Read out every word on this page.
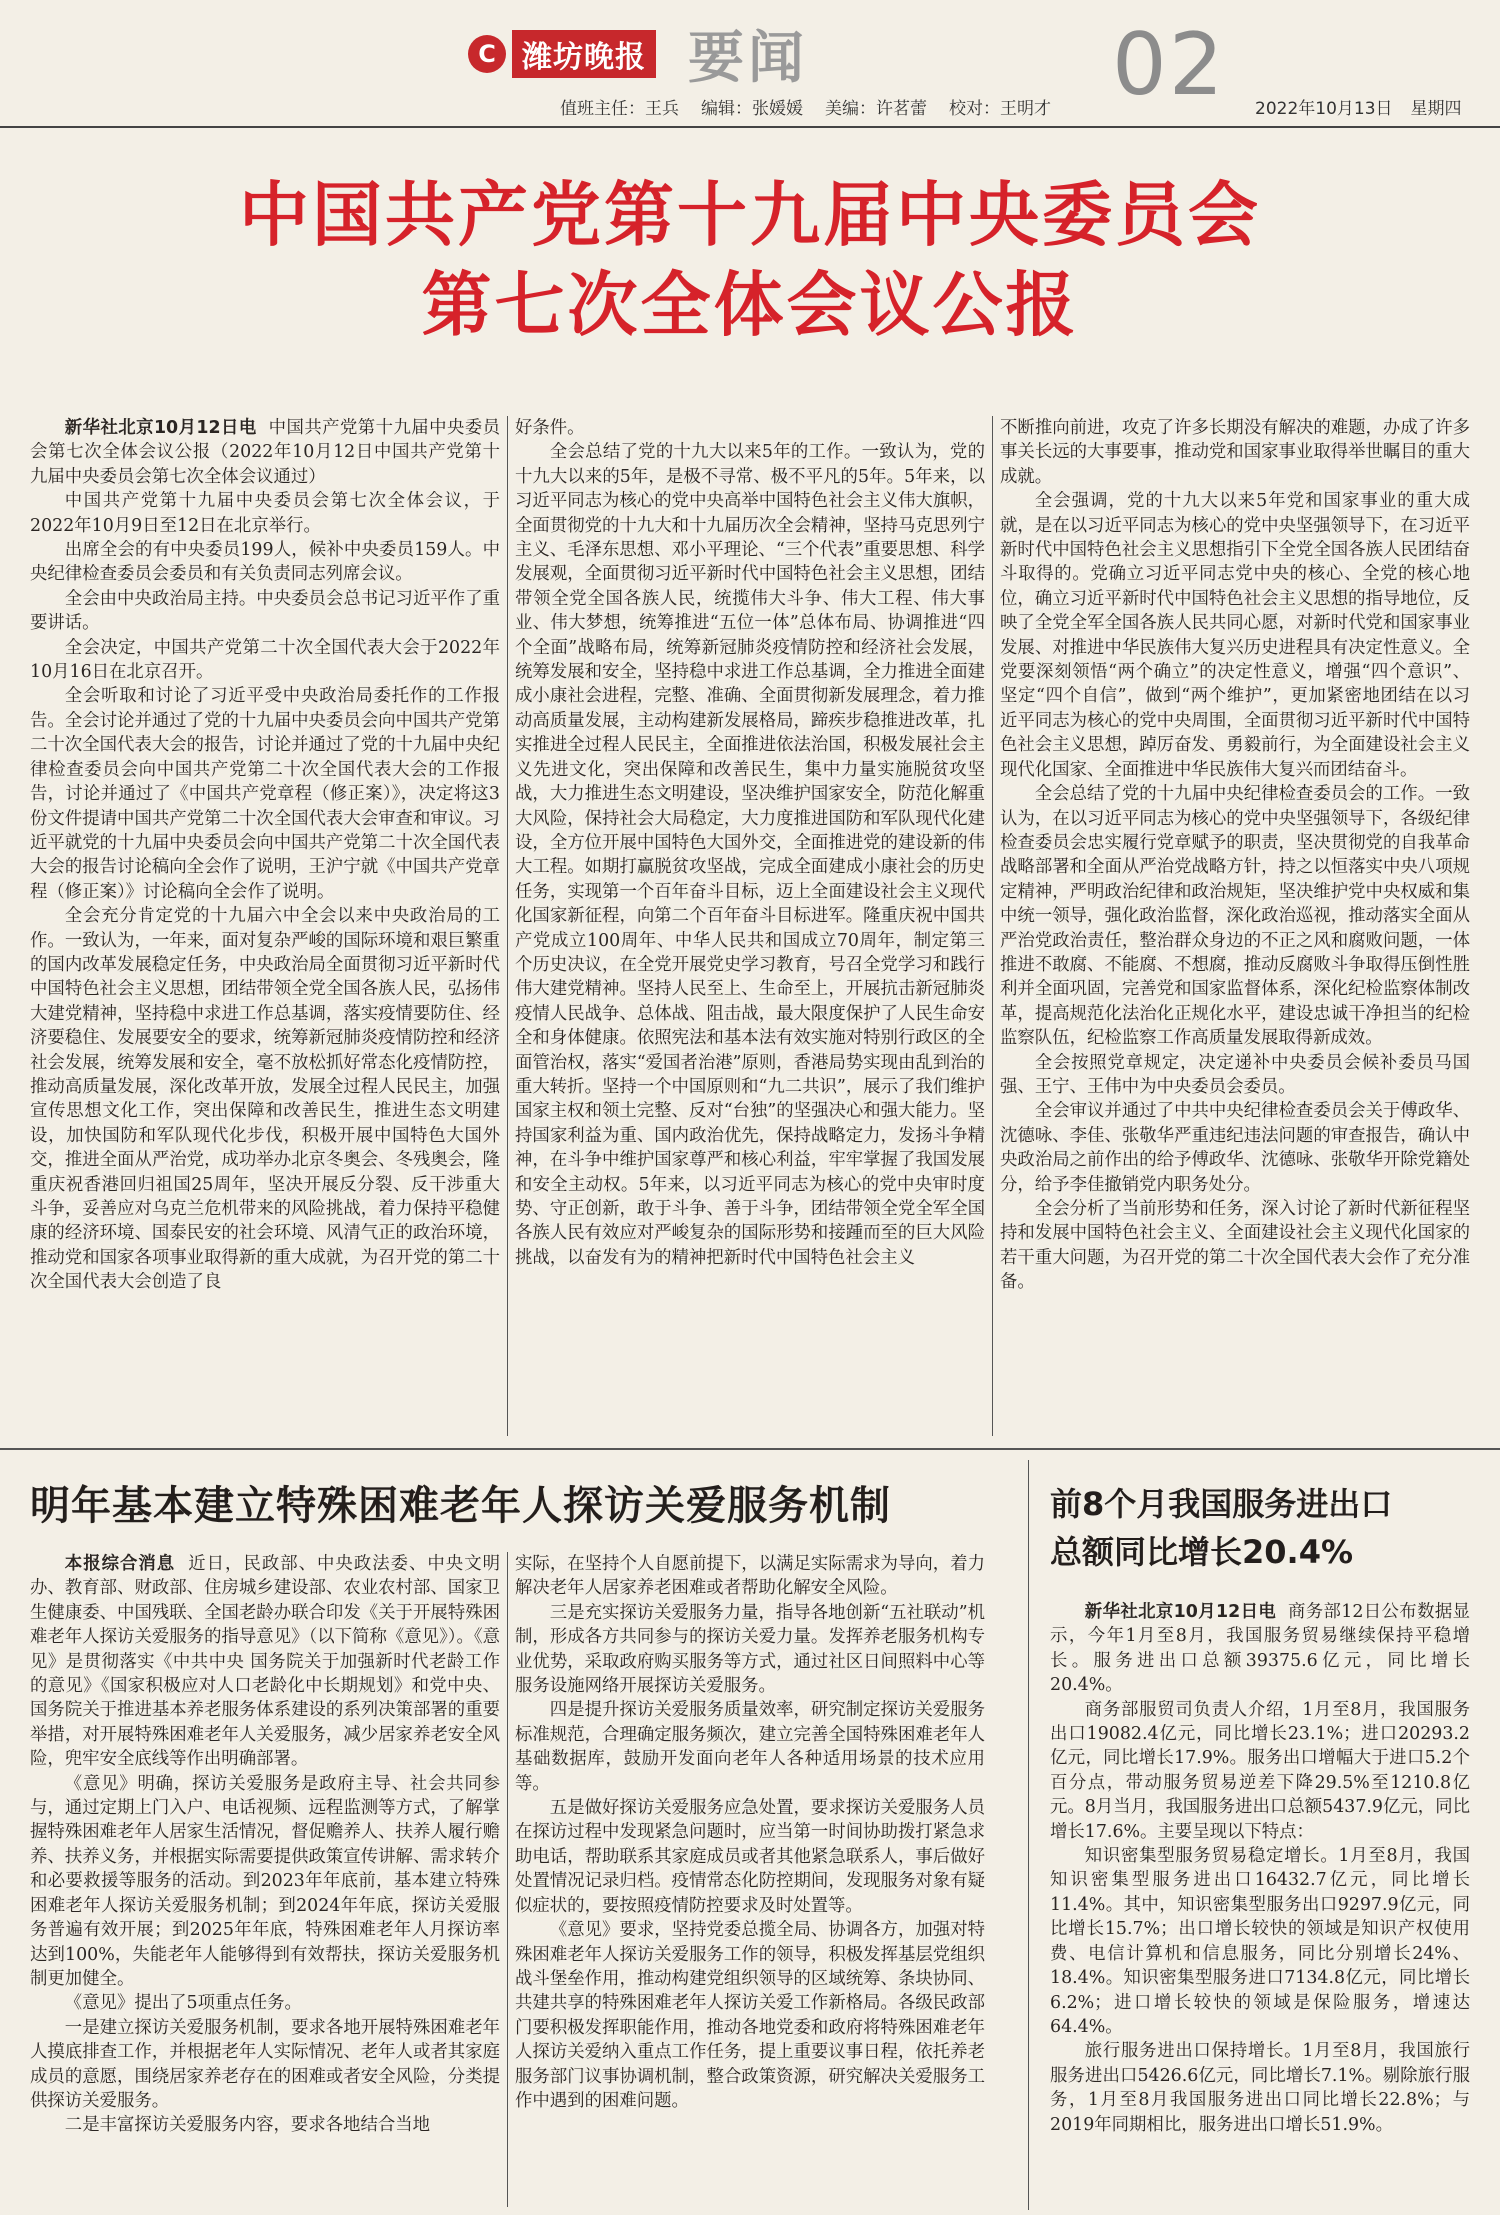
C 潍坊晚报 要闻	02
值班主任：王兵 编辑：张媛媛 美编：许茗蕾 校对：王明才	2022年10月13日 星期四
中国共产党第十九届中央委员会
第七次全体会议公报

新华社北京10月12日电 中国共产党第十九届中央委员会第七次全体会议公报（2022年10月12日中国共产党第十九届中央委员会第七次全体会议通过）

中国共产党第十九届中央委员会第七次全体会议，于2022年10月9日至12日在北京举行。

出席全会的有中央委员199人，候补中央委员159人。中央纪律检查委员会委员和有关负责同志列席会议。

全会由中央政治局主持。中央委员会总书记习近平作了重要讲话。

全会决定，中国共产党第二十次全国代表大会于2022年10月16日在北京召开。

全会听取和讨论了习近平受中央政治局委托作的工作报告。全会讨论并通过了党的十九届中央委员会向中国共产党第二十次全国代表大会的报告，讨论并通过了党的十九届中央纪律检查委员会向中国共产党第二十次全国代表大会的工作报告，讨论并通过了《中国共产党章程（修正案）》，决定将这3份文件提请中国共产党第二十次全国代表大会审查和审议。习近平就党的十九届中央委员会向中国共产党第二十次全国代表大会的报告讨论稿向全会作了说明，王沪宁就《中国共产党章程（修正案）》讨论稿向全会作了说明。

全会充分肯定党的十九届六中全会以来中央政治局的工作。一致认为，一年来，面对复杂严峻的国际环境和艰巨繁重的国内改革发展稳定任务，中央政治局全面贯彻习近平新时代中国特色社会主义思想，团结带领全党全国各族人民，弘扬伟大建党精神，坚持稳中求进工作总基调，落实疫情要防住、经济要稳住、发展要安全的要求，统筹新冠肺炎疫情防控和经济社会发展，统筹发展和安全，毫不放松抓好常态化疫情防控，推动高质量发展，深化改革开放，发展全过程人民民主，加强宣传思想文化工作，突出保障和改善民生，推进生态文明建设，加快国防和军队现代化步伐，积极开展中国特色大国外交，推进全面从严治党，成功举办北京冬奥会、冬残奥会，隆重庆祝香港回归祖国25周年，坚决开展反分裂、反干涉重大斗争，妥善应对乌克兰危机带来的风险挑战，着力保持平稳健康的经济环境、国泰民安的社会环境、风清气正的政治环境，推动党和国家各项事业取得新的重大成就，为召开党的第二十次全国代表大会创造了良

好条件。

全会总结了党的十九大以来5年的工作。一致认为，党的十九大以来的5年，是极不寻常、极不平凡的5年。5年来，以习近平同志为核心的党中央高举中国特色社会主义伟大旗帜，全面贯彻党的十九大和十九届历次全会精神，坚持马克思列宁主义、毛泽东思想、邓小平理论、“三个代表”重要思想、科学发展观，全面贯彻习近平新时代中国特色社会主义思想，团结带领全党全国各族人民，统揽伟大斗争、伟大工程、伟大事业、伟大梦想，统筹推进“五位一体”总体布局、协调推进“四个全面”战略布局，统筹新冠肺炎疫情防控和经济社会发展，统筹发展和安全，坚持稳中求进工作总基调，全力推进全面建成小康社会进程，完整、准确、全面贯彻新发展理念，着力推动高质量发展，主动构建新发展格局，蹄疾步稳推进改革，扎实推进全过程人民民主，全面推进依法治国，积极发展社会主义先进文化，突出保障和改善民生，集中力量实施脱贫攻坚战，大力推进生态文明建设，坚决维护国家安全，防范化解重大风险，保持社会大局稳定，大力度推进国防和军队现代化建设，全方位开展中国特色大国外交，全面推进党的建设新的伟大工程。如期打赢脱贫攻坚战，完成全面建成小康社会的历史任务，实现第一个百年奋斗目标，迈上全面建设社会主义现代化国家新征程，向第二个百年奋斗目标进军。隆重庆祝中国共产党成立100周年、中华人民共和国成立70周年，制定第三个历史决议，在全党开展党史学习教育，号召全党学习和践行伟大建党精神。坚持人民至上、生命至上，开展抗击新冠肺炎疫情人民战争、总体战、阻击战，最大限度保护了人民生命安全和身体健康。依照宪法和基本法有效实施对特别行政区的全面管治权，落实“爱国者治港”原则，香港局势实现由乱到治的重大转折。坚持一个中国原则和“九二共识”，展示了我们维护国家主权和领土完整、反对“台独”的坚强决心和强大能力。坚持国家利益为重、国内政治优先，保持战略定力，发扬斗争精神，在斗争中维护国家尊严和核心利益，牢牢掌握了我国发展和安全主动权。5年来，以习近平同志为核心的党中央审时度势、守正创新，敢于斗争、善于斗争，团结带领全党全军全国各族人民有效应对严峻复杂的国际形势和接踵而至的巨大风险挑战，以奋发有为的精神把新时代中国特色社会主义

不断推向前进，攻克了许多长期没有解决的难题，办成了许多事关长远的大事要事，推动党和国家事业取得举世瞩目的重大成就。

全会强调，党的十九大以来5年党和国家事业的重大成就，是在以习近平同志为核心的党中央坚强领导下，在习近平新时代中国特色社会主义思想指引下全党全国各族人民团结奋斗取得的。党确立习近平同志党中央的核心、全党的核心地位，确立习近平新时代中国特色社会主义思想的指导地位，反映了全党全军全国各族人民共同心愿，对新时代党和国家事业发展、对推进中华民族伟大复兴历史进程具有决定性意义。全党要深刻领悟“两个确立”的决定性意义，增强“四个意识”、坚定“四个自信”，做到“两个维护”，更加紧密地团结在以习近平同志为核心的党中央周围，全面贯彻习近平新时代中国特色社会主义思想，踔厉奋发、勇毅前行，为全面建设社会主义现代化国家、全面推进中华民族伟大复兴而团结奋斗。

全会总结了党的十九届中央纪律检查委员会的工作。一致认为，在以习近平同志为核心的党中央坚强领导下，各级纪律检查委员会忠实履行党章赋予的职责，坚决贯彻党的自我革命战略部署和全面从严治党战略方针，持之以恒落实中央八项规定精神，严明政治纪律和政治规矩，坚决维护党中央权威和集中统一领导，强化政治监督，深化政治巡视，推动落实全面从严治党政治责任，整治群众身边的不正之风和腐败问题，一体推进不敢腐、不能腐、不想腐，推动反腐败斗争取得压倒性胜利并全面巩固，完善党和国家监督体系，深化纪检监察体制改革，提高规范化法治化正规化水平，建设忠诚干净担当的纪检监察队伍，纪检监察工作高质量发展取得新成效。

全会按照党章规定，决定递补中央委员会候补委员马国强、王宁、王伟中为中央委员会委员。

全会审议并通过了中共中央纪律检查委员会关于傅政华、沈德咏、李佳、张敬华严重违纪违法问题的审查报告，确认中央政治局之前作出的给予傅政华、沈德咏、张敬华开除党籍处分，给予李佳撤销党内职务处分。

全会分析了当前形势和任务，深入讨论了新时代新征程坚持和发展中国特色社会主义、全面建设社会主义现代化国家的若干重大问题，为召开党的第二十次全国代表大会作了充分准备。

明年基本建立特殊困难老年人探访关爱服务机制

本报综合消息 近日，民政部、中央政法委、中央文明办、教育部、财政部、住房城乡建设部、农业农村部、国家卫生健康委、中国残联、全国老龄办联合印发《关于开展特殊困难老年人探访关爱服务的指导意见》（以下简称《意见》）。《意见》是贯彻落实《中共中央 国务院关于加强新时代老龄工作的意见》《国家积极应对人口老龄化中长期规划》和党中央、国务院关于推进基本养老服务体系建设的系列决策部署的重要举措，对开展特殊困难老年人关爱服务，减少居家养老安全风险，兜牢安全底线等作出明确部署。

《意见》明确，探访关爱服务是政府主导、社会共同参与，通过定期上门入户、电话视频、远程监测等方式，了解掌握特殊困难老年人居家生活情况，督促赡养人、扶养人履行赡养、扶养义务，并根据实际需要提供政策宣传讲解、需求转介和必要救援等服务的活动。到2023年年底前，基本建立特殊困难老年人探访关爱服务机制；到2024年年底，探访关爱服务普遍有效开展；到2025年年底，特殊困难老年人月探访率达到100%，失能老年人能够得到有效帮扶，探访关爱服务机制更加健全。

《意见》提出了5项重点任务。

一是建立探访关爱服务机制，要求各地开展特殊困难老年人摸底排查工作，并根据老年人实际情况、老年人或者其家庭成员的意愿，围绕居家养老存在的困难或者安全风险，分类提供探访关爱服务。

二是丰富探访关爱服务内容，要求各地结合当地

实际，在坚持个人自愿前提下，以满足实际需求为导向，着力解决老年人居家养老困难或者帮助化解安全风险。

三是充实探访关爱服务力量，指导各地创新“五社联动”机制，形成各方共同参与的探访关爱力量。发挥养老服务机构专业优势，采取政府购买服务等方式，通过社区日间照料中心等服务设施网络开展探访关爱服务。

四是提升探访关爱服务质量效率，研究制定探访关爱服务标准规范，合理确定服务频次，建立完善全国特殊困难老年人基础数据库，鼓励开发面向老年人各种适用场景的技术应用等。

五是做好探访关爱服务应急处置，要求探访关爱服务人员在探访过程中发现紧急问题时，应当第一时间协助拨打紧急求助电话，帮助联系其家庭成员或者其他紧急联系人，事后做好处置情况记录归档。疫情常态化防控期间，发现服务对象有疑似症状的，要按照疫情防控要求及时处置等。

《意见》要求，坚持党委总揽全局、协调各方，加强对特殊困难老年人探访关爱服务工作的领导，积极发挥基层党组织战斗堡垒作用，推动构建党组织领导的区域统筹、条块协同、共建共享的特殊困难老年人探访关爱工作新格局。各级民政部门要积极发挥职能作用，推动各地党委和政府将特殊困难老年人探访关爱纳入重点工作任务，提上重要议事日程，依托养老服务部门议事协调机制，整合政策资源，研究解决关爱服务工作中遇到的困难问题。

前8个月我国服务进出口
总额同比增长20.4%

新华社北京10月12日电 商务部12日公布数据显示，今年1月至8月，我国服务贸易继续保持平稳增长。服务进出口总额39375.6亿元，同比增长20.4%。

商务部服贸司负责人介绍，1月至8月，我国服务出口19082.4亿元，同比增长23.1%；进口20293.2亿元，同比增长17.9%。服务出口增幅大于进口5.2个百分点，带动服务贸易逆差下降29.5%至1210.8亿元。8月当月，我国服务进出口总额5437.9亿元，同比增长17.6%。主要呈现以下特点：

知识密集型服务贸易稳定增长。1月至8月，我国知识密集型服务进出口16432.7亿元，同比增长11.4%。其中，知识密集型服务出口9297.9亿元，同比增长15.7%；出口增长较快的领域是知识产权使用费、电信计算机和信息服务，同比分别增长24%、18.4%。知识密集型服务进口7134.8亿元，同比增长6.2%；进口增长较快的领域是保险服务，增速达64.4%。

旅行服务进出口保持增长。1月至8月，我国旅行服务进出口5426.6亿元，同比增长7.1%。剔除旅行服务，1月至8月我国服务进出口同比增长22.8%；与2019年同期相比，服务进出口增长51.9%。
